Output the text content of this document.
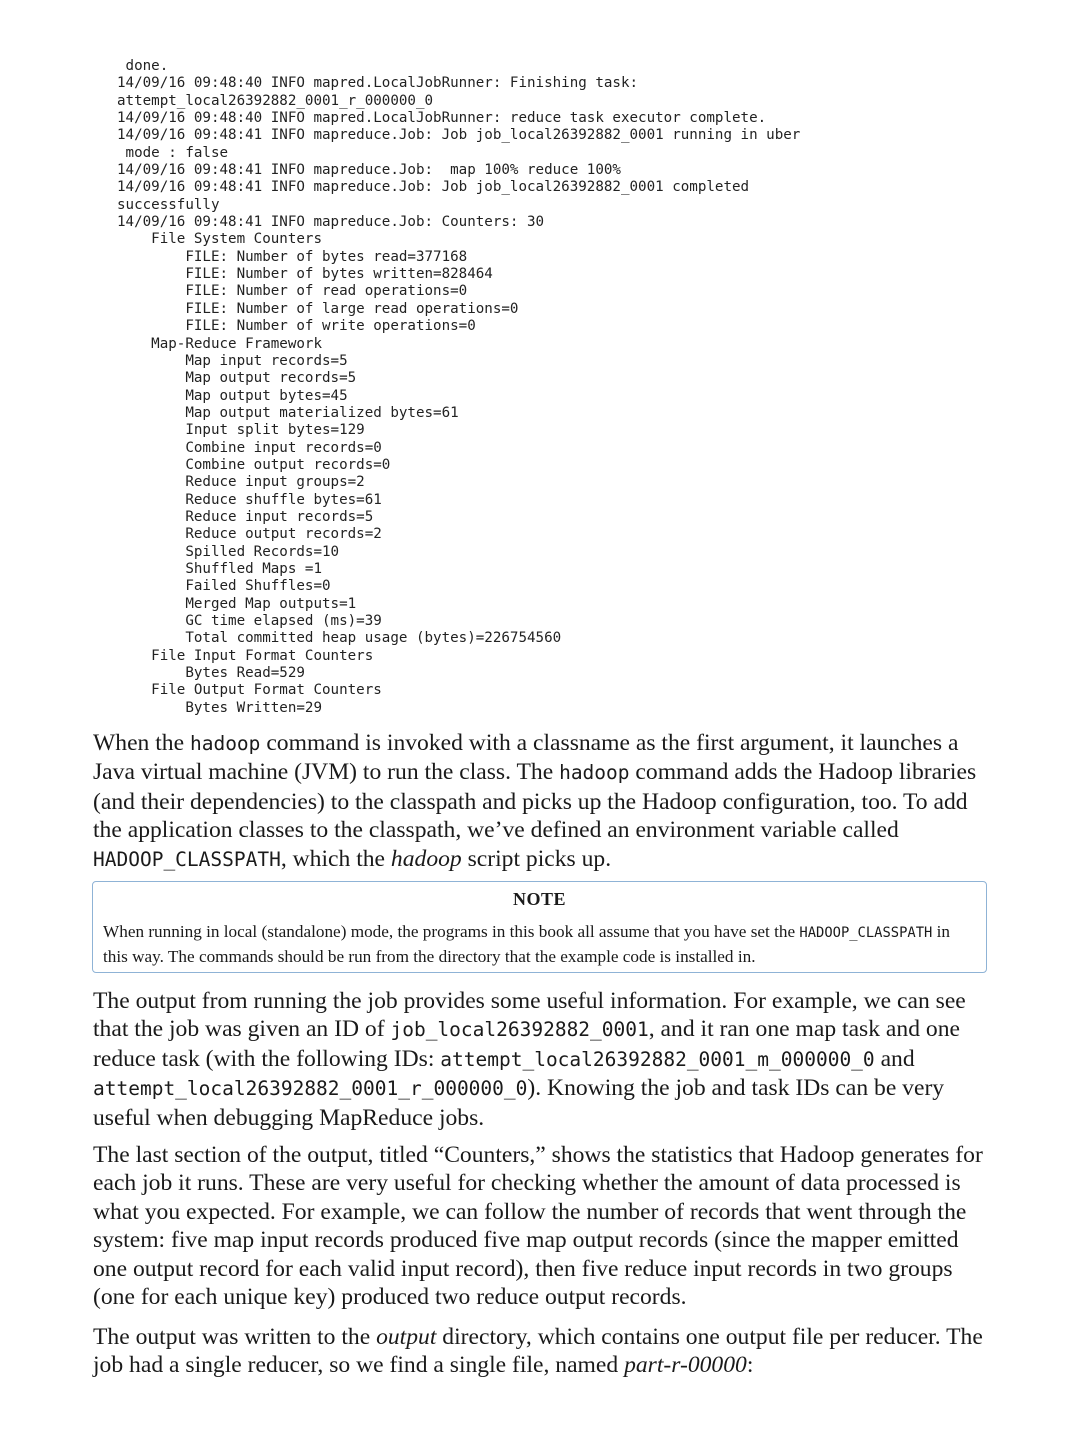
done.
14/09/16 09:48:40 INFO mapred.LocalJobRunner: Finishing task:
attempt_local26392882_0001_r_000000_0
14/09/16 09:48:40 INFO mapred.LocalJobRunner: reduce task executor complete.
14/09/16 09:48:41 INFO mapreduce.Job: Job job_local26392882_0001 running in uber
mode : false
14/09/16 09:48:41 INFO mapreduce.Job:  map 100% reduce 100%
14/09/16 09:48:41 INFO mapreduce.Job: Job job_local26392882_0001 completed
successfully
14/09/16 09:48:41 INFO mapreduce.Job: Counters: 30
File System Counters
FILE: Number of bytes read=377168
FILE: Number of bytes written=828464
FILE: Number of read operations=0
FILE: Number of large read operations=0
FILE: Number of write operations=0
Map-Reduce Framework
Map input records=5
Map output records=5
Map output bytes=45
Map output materialized bytes=61
Input split bytes=129
Combine input records=0
Combine output records=0
Reduce input groups=2
Reduce shuffle bytes=61
Reduce input records=5
Reduce output records=2
Spilled Records=10
Shuffled Maps =1
Failed Shuffles=0
Merged Map outputs=1
GC time elapsed (ms)=39
Total committed heap usage (bytes)=226754560
File Input Format Counters
Bytes Read=529
File Output Format Counters
Bytes Written=29

When the hadoop command is invoked with a classname as the first argument, it launches a Java virtual machine (JVM) to run the class. The hadoop command adds the Hadoop libraries (and their dependencies) to the classpath and picks up the Hadoop configuration, too. To add the application classes to the classpath, we’ve defined an environment variable called HADOOP_CLASSPATH, which the hadoop script picks up.

NOTE

When running in local (standalone) mode, the programs in this book all assume that you have set the HADOOP_CLASSPATH in this way. The commands should be run from the directory that the example code is installed in.

The output from running the job provides some useful information. For example, we can see that the job was given an ID of job_local26392882_0001, and it ran one map task and one reduce task (with the following IDs: attempt_local26392882_0001_m_000000_0 and attempt_local26392882_0001_r_000000_0). Knowing the job and task IDs can be very useful when debugging MapReduce jobs.

The last section of the output, titled “Counters,” shows the statistics that Hadoop generates for each job it runs. These are very useful for checking whether the amount of data processed is what you expected. For example, we can follow the number of records that went through the system: five map input records produced five map output records (since the mapper emitted one output record for each valid input record), then five reduce input records in two groups (one for each unique key) produced two reduce output records.

The output was written to the output directory, which contains one output file per reducer. The job had a single reducer, so we find a single file, named part-r-00000:
